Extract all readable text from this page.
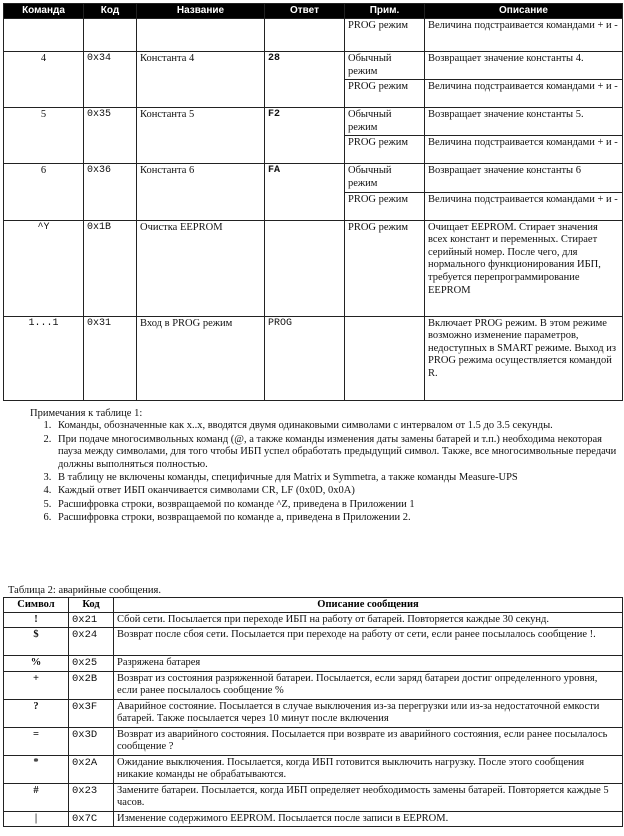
Команда	Код	Название	Ответ	Прим.	Описание
				PROG режим	Величина подстраивается командами + и -
4	0x34	Константа 4	28	Обычный режим	Возвращает значение константы 4.
				PROG режим	Величина подстраивается командами + и -
5	0x35	Константа 5	F2	Обычный режим	Возвращает значение константы 5.
				PROG режим	Величина подстраивается командами + и -
6	0x36	Константа 6	FA	Обычный режим	Возвращает значение константы 6
				PROG режим	Величина подстраивается командами + и -
^Y	0x1B	Очистка EEPROM		PROG режим	Очищает EEPROM. Стирает значения всех констант и переменных. Стирает серийный номер. После чего, для нормального функционирования ИБП, требуется перепрограммирование EEPROM
1...1	0x31	Вход в PROG режим	PROG		Включает PROG режим. В этом режиме возможно изменение параметров, недоступных в SMART режиме. Выход из PROG режима осуществляется командой R.
Примечания к таблице 1:
1. Команды, обозначенные как x..x, вводятся двумя одинаковыми символами с интервалом от 1.5 до 3.5 секунды.
2. При подаче многосимвольных команд (@, а также команды изменения даты замены батарей и т.п.) необходима некоторая пауза между символами, для того чтобы ИБП успел обработать предыдущий символ. Также, все многосимвольные передачи должны выполняться полностью.
3. В таблицу не включены команды, специфичные для Matrix и Symmetra, а также команды Measure-UPS
4. Каждый ответ ИБП оканчивается символами CR, LF (0x0D, 0x0A)
5. Расшифровка строки, возвращаемой по команде ^Z, приведена в Приложении 1
6. Расшифровка строки, возвращаемой по команде a, приведена в Приложении 2.
Таблица 2: аварийные сообщения.
Символ	Код	Описание сообщения
!	0x21	Сбой сети. Посылается при переходе ИБП на работу от батарей. Повторяется каждые 30 секунд.
$	0x24	Возврат после сбоя сети. Посылается при переходе на работу от сети, если ранее посылалось сообщение !.
%	0x25	Разряжена батарея
+	0x2B	Возврат из состояния разряженной батареи. Посылается, если заряд батареи достиг определенного уровня, если ранее посылалось сообщение %
?	0x3F	Аварийное состояние. Посылается в случае выключения из-за перегрузки или из-за недостаточной емкости батарей. Также посылается через 10 минут после включения
=	0x3D	Возврат из аварийного состояния. Посылается при возврате из аварийного состояния, если ранее посылалось сообщение ?
*	0x2A	Ожидание выключения. Посылается, когда ИБП готовится выключить нагрузку. После этого сообщения никакие команды не обрабатываются.
#	0x23	Замените батареи. Посылается, когда ИБП определяет необходимость замены батарей. Повторяется каждые 5 часов.
|	0x7C	Изменение содержимого EEPROM. Посылается после записи в EEPROM.
